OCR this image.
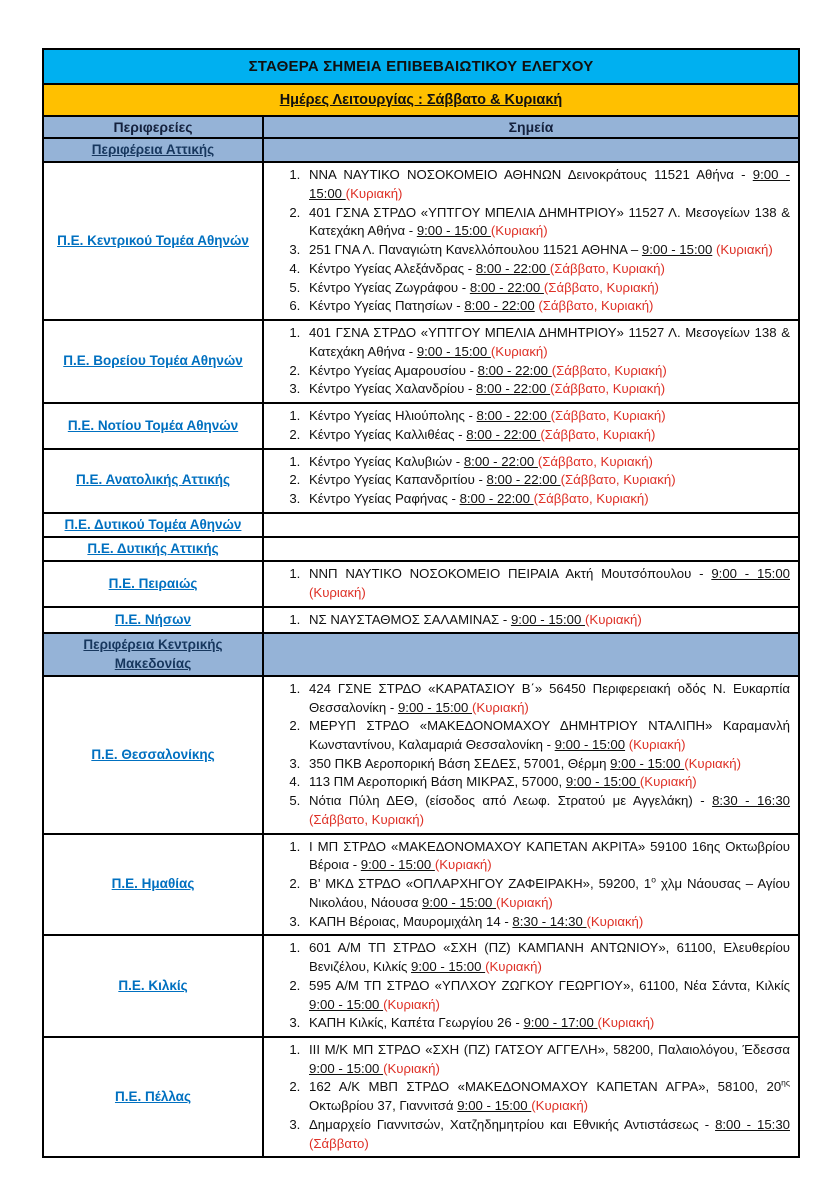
ΣΤΑΘΕΡΑ ΣΗΜΕΙΑ ΕΠΙΒΕΒΑΙΩΤΙΚΟΥ ΕΛΕΓΧΟΥ	
Ημέρες Λειτουργίας : Σάββατο & Κυριακή	
Περιφερείες	Σημεία
Περιφέρεια Αττικής	
Π.Ε. Κεντρικού Τομέα Αθηνών	
1. ΝΝΑ ΝΑΥΤΙΚΟ ΝΟΣΟΚΟΜΕΙΟ ΑΘΗΝΩΝ Δεινοκράτους 11521 Αθήνα - 9:00 - 15:00 (Κυριακή)
2. 401 ΓΣΝΑ ΣΤΡΔΟ «ΥΠΤΓΟΥ ΜΠΕΛΙΑ ΔΗΜΗΤΡΙΟΥ» 11527 Λ. Μεσογείων 138 & Κατεχάκη Αθήνα - 9:00 - 15:00 (Κυριακή)
3. 251 ΓΝΑ Λ. Παναγιώτη Κανελλόπουλου 11521 ΑΘΗΝΑ – 9:00 - 15:00 (Κυριακή)
4. Κέντρο Υγείας Αλεξάνδρας - 8:00 - 22:00 (Σάββατο, Κυριακή)
5. Κέντρο Υγείας Ζωγράφου - 8:00 - 22:00 (Σάββατο, Κυριακή)
6. Κέντρο Υγείας Πατησίων - 8:00 - 22:00 (Σάββατο, Κυριακή)

Π.Ε. Βορείου Τομέα Αθηνών	
1. 401 ΓΣΝΑ ΣΤΡΔΟ «ΥΠΤΓΟΥ ΜΠΕΛΙΑ ΔΗΜΗΤΡΙΟΥ» 11527 Λ. Μεσογείων 138 & Κατεχάκη Αθήνα - 9:00 - 15:00 (Κυριακή)
2. Κέντρο Υγείας Αμαρουσίου - 8:00 - 22:00 (Σάββατο, Κυριακή)
3. Κέντρο Υγείας Χαλανδρίου - 8:00 - 22:00 (Σάββατο, Κυριακή)

Π.Ε. Νοτίου Τομέα Αθηνών	
1. Κέντρο Υγείας Ηλιούπολης - 8:00 - 22:00 (Σάββατο, Κυριακή)
2. Κέντρο Υγείας Καλλιθέας - 8:00 - 22:00 (Σάββατο, Κυριακή)

Π.Ε. Ανατολικής Αττικής	
1. Κέντρο Υγείας Καλυβιών - 8:00 - 22:00 (Σάββατο, Κυριακή)
2. Κέντρο Υγείας Καπανδριτίου - 8:00 - 22:00 (Σάββατο, Κυριακή)
3. Κέντρο Υγείας Ραφήνας - 8:00 - 22:00 (Σάββατο, Κυριακή)

Π.Ε. Δυτικού Τομέα Αθηνών	

Π.Ε. Δυτικής Αττικής	

Π.Ε. Πειραιώς	
1. ΝΝΠ ΝΑΥΤΙΚΟ ΝΟΣΟΚΟΜΕΙΟ ΠΕΙΡΑΙΑ Ακτή Μουτσόπουλου - 9:00 - 15:00 (Κυριακή)

Π.Ε. Νήσων	
1.ΝΣ ΝΑΥΣΤΑΘΜΟΣ ΣΑΛΑΜΙΝΑΣ - 9:00 - 15:00 (Κυριακή)

Περιφέρεια Κεντρικής Μακεδονίας	
Π.Ε. Θεσσαλονίκης	
1. 424 ΓΣΝΕ ΣΤΡΔΟ «ΚΑΡΑΤΑΣΙΟΥ Β΄» 56450 Περιφερειακή οδός Ν. Ευκαρπία Θεσσαλονίκη - 9:00 - 15:00 (Κυριακή)
2. ΜΕΡΥΠ ΣΤΡΔΟ «ΜΑΚΕΔΟΝΟΜΑΧΟΥ ΔΗΜΗΤΡΙΟΥ ΝΤΑΛΙΠΗ» Καραμανλή Κωνσταντίνου, Καλαμαριά Θεσσαλονίκη - 9:00 - 15:00 (Κυριακή)
3. 350 ΠΚΒ Αεροπορική Βάση ΣΕΔΕΣ, 57001, Θέρμη 9:00 - 15:00 (Κυριακή)
4. 113 ΠΜ Αεροπορική Βάση ΜΙΚΡΑΣ, 57000, 9:00 - 15:00 (Κυριακή)
5. Νότια Πύλη ΔΕΘ, (είσοδος από Λεωφ. Στρατού με Αγγελάκη) - 8:30 - 16:30 (Σάββατο, Κυριακή)

Π.Ε. Ημαθίας	
1. Ι ΜΠ ΣΤΡΔΟ «ΜΑΚΕΔΟΝΟΜΑΧΟΥ ΚΑΠΕΤΑΝ ΑΚΡΙΤΑ» 59100 16ης Οκτωβρίου Βέροια - 9:00 - 15:00 (Κυριακή)
2. Β’ ΜΚΔ ΣΤΡΔΟ «ΟΠΛΑΡΧΗΓΟΥ ΖΑΦΕΙΡΑΚΗ», 59200, $1^o$ χλμ Νάουσας – Αγίου Νικολάου, Νάουσα 9:00 - 15:00 (Κυριακή)
3. ΚΑΠΗ Βέροιας, Μαυρομιχάλη 14 - 8:30 - 14:30 (Κυριακή)

Π.Ε. Κιλκίς	
1. 601 Α/Μ ΤΠ ΣΤΡΔΟ «ΣΧΗ (ΠΖ) ΚΑΜΠΑΝΗ ΑΝΤΩΝΙΟΥ», 61100, Ελευθερίου Βενιζέλου, Κιλκίς 9:00 - 15:00 (Κυριακή)
2. 595 Α/Μ ΤΠ ΣΤΡΔΟ «ΥΠΛΧΟΥ ΖΩΓΚΟΥ ΓΕΩΡΓΙΟΥ», 61100, Νέα Σάντα, Κιλκίς 9:00 - 15:00 (Κυριακή)
3. ΚΑΠΗ Κιλκίς, Καπέτα Γεωργίου 26 - 9:00 - 17:00 (Κυριακή)

Π.Ε. Πέλλας	
1. ΙΙΙ Μ/Κ ΜΠ ΣΤΡΔΟ «ΣΧΗ (ΠΖ) ΓΑΤΣΟΥ ΑΓΓΕΛΗ», 58200, Παλαιολόγου, Έδεσσα 9:00 - 15:00 (Κυριακή)
2. 162 Α/Κ ΜΒΠ ΣΤΡΔΟ «ΜΑΚΕΔΟΝΟΜΑΧΟΥ ΚΑΠΕΤΑΝ ΑΓΡΑ», 58100, $20^{\eta\varsigma}$ Οκτωβρίου 37, Γιαννιτσά 9:00 - 15:00 (Κυριακή)
3. Δημαρχείο Γιαννιτσών, Χατζηδημητρίου και Εθνικής Αντιστάσεως - 8:00 - 15:30 (Σάββατο)
